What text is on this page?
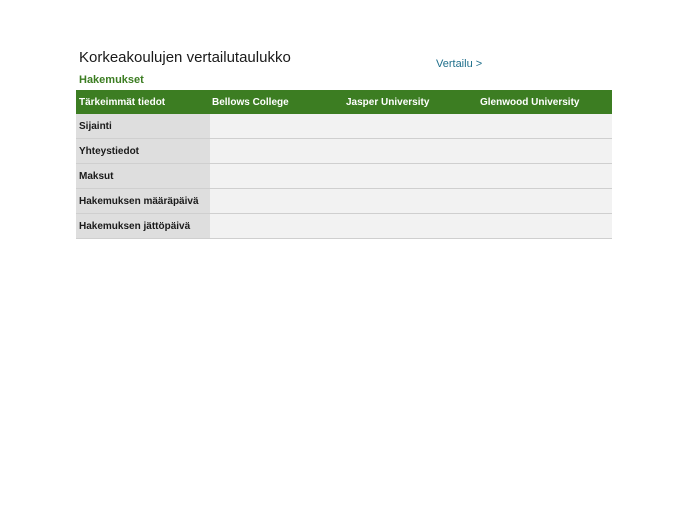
Korkeakoulujen vertailutaulukko	Vertailu >
Hakemukset
Tärkeimmät tiedot	Bellows College	Jasper University	Glenwood University
Sijainti			
Yhteystiedot			
Maksut			
Hakemuksen määräpäivä			
Hakemuksen jättöpäivä			
